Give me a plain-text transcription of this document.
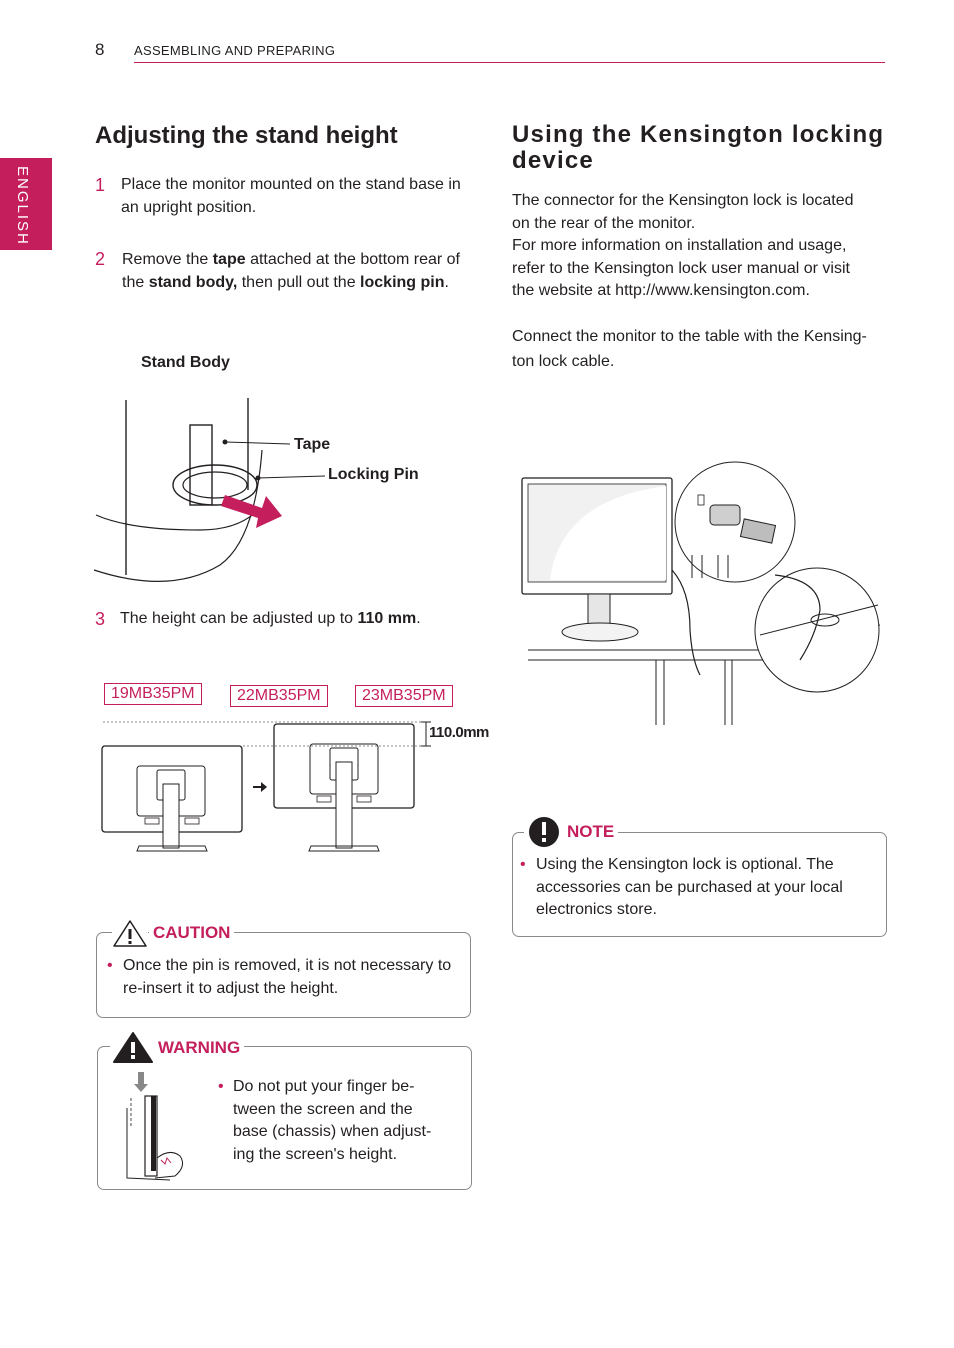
8 ASSEMBLING AND PREPARING
ENGLISH
Adjusting the stand height
1 Place the monitor mounted on the stand base in an upright position.
2 Remove the tape attached at the bottom rear of the stand body, then pull out the locking pin.
Stand Body
Tape
Locking Pin
3 The height can be adjusted up to 110 mm.
19MB35PM	22MB35PM	23MB35PM
110.0mm
CAUTION
• Once the pin is removed, it is not necessary to re-insert it to adjust the height.
WARNING
• Do not put your finger be-
tween the screen and the
base (chassis) when adjust-
ing the screen's height.
Using the Kensington locking
device
The connector for the Kensington lock is located
on the rear of the monitor.
For more information on installation and usage,
refer to the Kensington lock user manual or visit
the website at http://www.kensington.com.
Connect the monitor to the table with the Kensing-
ton lock cable.
NOTE
• Using the Kensington lock is optional. The
accessories can be purchased at your local
electronics store.
